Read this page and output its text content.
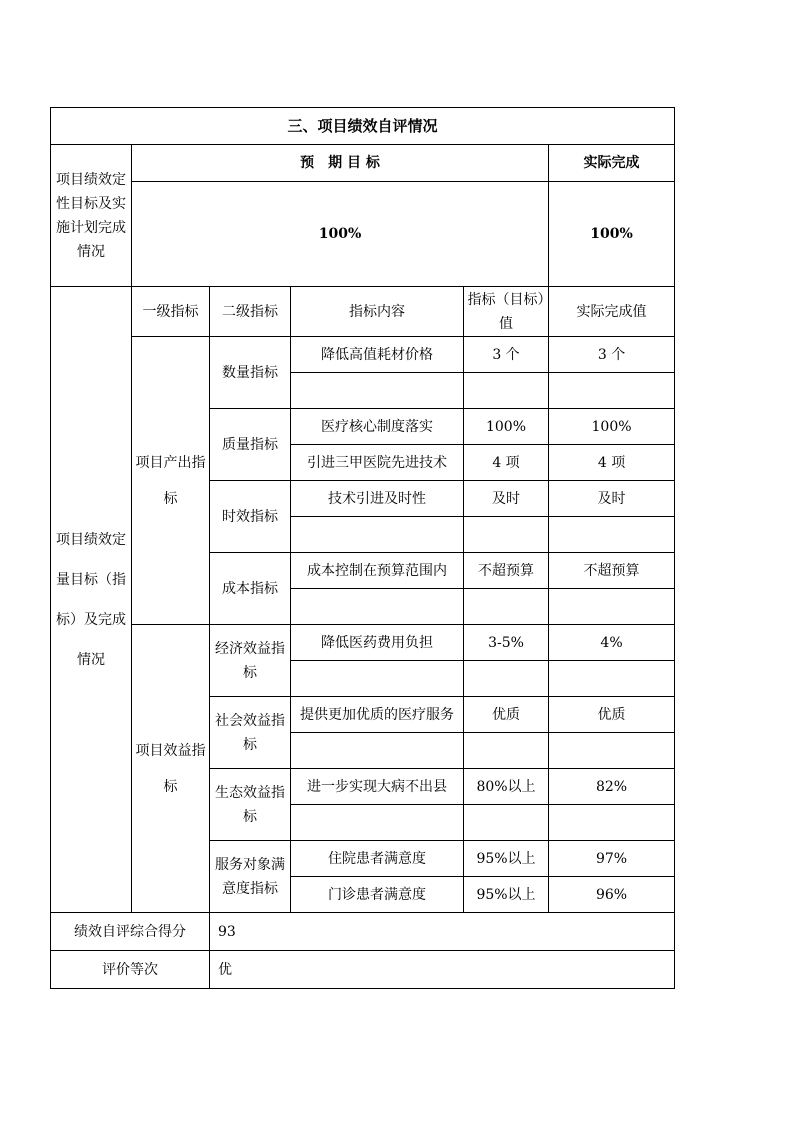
三、项目绩效自评情况					
项目绩效定性目标及实施计划完成情况	预　期 目 标				实际完成
	100%				100%
项目绩效定量目标（指标）及完成情况	一级指标	二级指标	指标内容	指标（目标）值	实际完成值
	项目产出指标	数量指标	降低高值耗材价格	3 个	3 个

		质量指标	医疗核心制度落实	100%	100%
			引进三甲医院先进技术	4 项	4 项
		时效指标	技术引进及时性	及时	及时

		成本指标	成本控制在预算范围内	不超预算	不超预算

	项目效益指标	经济效益指标	降低医药费用负担	3-5%	4%

		社会效益指标	提供更加优质的医疗服务	优质	优质

		生态效益指标	进一步实现大病不出县	80%以上	82%

		服务对象满意度指标	住院患者满意度	95%以上	97%
			门诊患者满意度	95%以上	96%
绩效自评综合得分		93			
评价等次		优			
